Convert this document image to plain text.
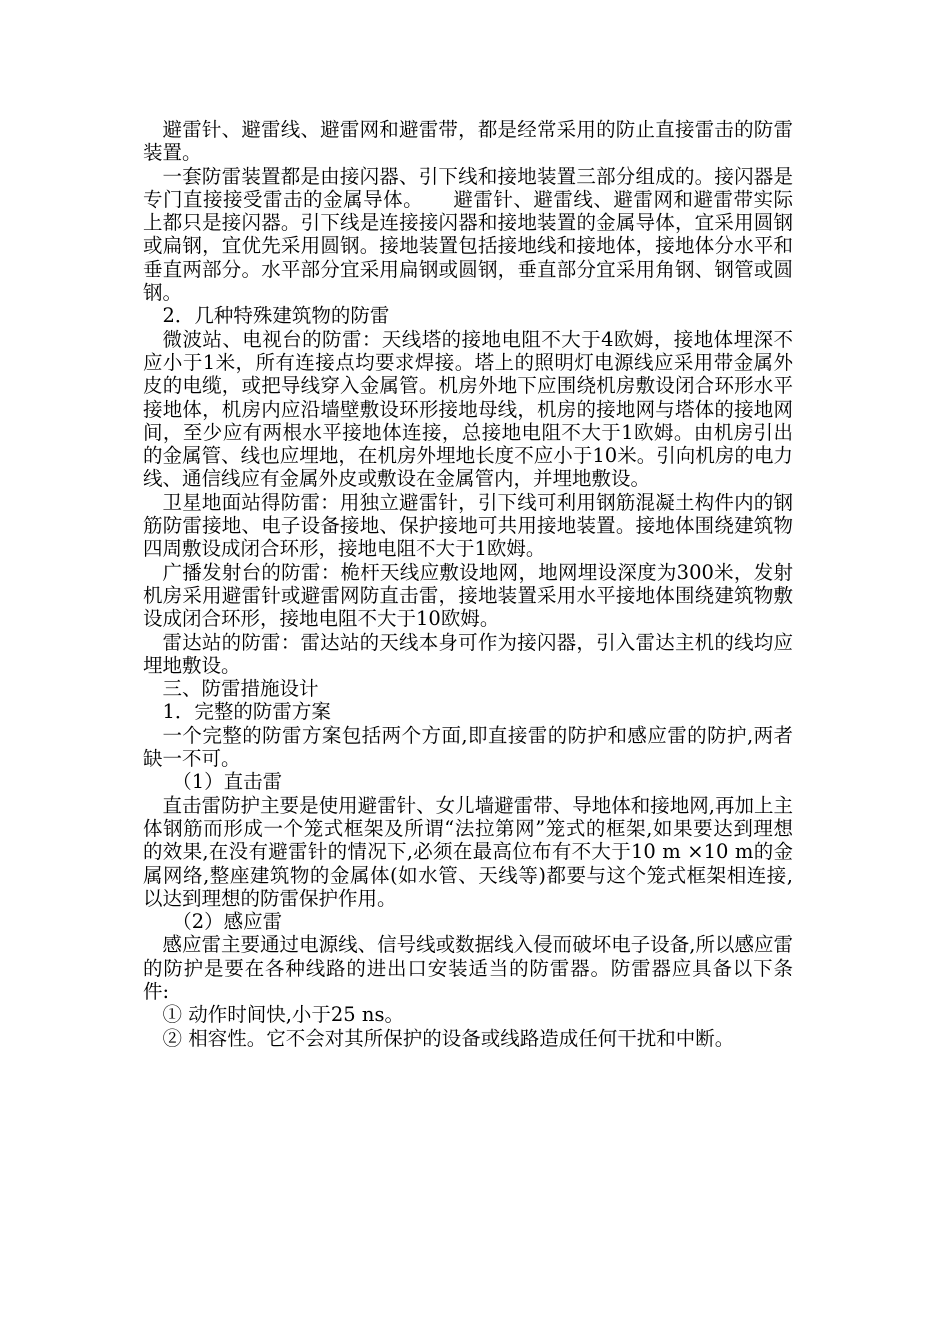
避雷针、避雷线、避雷网和避雷带，都是经常采用的防止直接雷击的防雷装置。

一套防雷装置都是由接闪器、引下线和接地装置三部分组成的。接闪器是专门直接接受雷击的金属导体。　　避雷针、避雷线、避雷网和避雷带实际上都只是接闪器。引下线是连接接闪器和接地装置的金属导体，宜采用圆钢或扁钢，宜优先采用圆钢。接地装置包括接地线和接地体，接地体分水平和垂直两部分。水平部分宜采用扁钢或圆钢，垂直部分宜采用角钢、钢管或圆钢。

2．几种特殊建筑物的防雷

微波站、电视台的防雷：天线塔的接地电阻不大于4欧姆，接地体埋深不应小于1米，所有连接点均要求焊接。塔上的照明灯电源线应采用带金属外皮的电缆，或把导线穿入金属管。机房外地下应围绕机房敷设闭合环形水平接地体，机房内应沿墙壁敷设环形接地母线，机房的接地网与塔体的接地网间，至少应有两根水平接地体连接，总接地电阻不大于1欧姆。由机房引出的金属管、线也应埋地，在机房外埋地长度不应小于10米。引向机房的电力线、通信线应有金属外皮或敷设在金属管内，并埋地敷设。

卫星地面站得防雷：用独立避雷针，引下线可利用钢筋混凝土构件内的钢筋防雷接地、电子设备接地、保护接地可共用接地装置。接地体围绕建筑物四周敷设成闭合环形，接地电阻不大于1欧姆。

广播发射台的防雷：桅杆天线应敷设地网，地网埋设深度为300米，发射机房采用避雷针或避雷网防直击雷，接地装置采用水平接地体围绕建筑物敷设成闭合环形，接地电阻不大于10欧姆。

雷达站的防雷：雷达站的天线本身可作为接闪器，引入雷达主机的线均应埋地敷设。

三、防雷措施设计

1．完整的防雷方案

一个完整的防雷方案包括两个方面,即直接雷的防护和感应雷的防护,两者缺一不可。

（1）直击雷

直击雷防护主要是使用避雷针、女儿墙避雷带、导地体和接地网,再加上主体钢筋而形成一个笼式框架及所谓“法拉第网”笼式的框架,如果要达到理想的效果,在没有避雷针的情况下,必须在最高位布有不大于10 m ×10 m的金属网络,整座建筑物的金属体(如水管、天线等)都要与这个笼式框架相连接,以达到理想的防雷保护作用。

（2）感应雷

感应雷主要通过电源线、信号线或数据线入侵而破坏电子设备,所以感应雷的防护是要在各种线路的进出口安装适当的防雷器。防雷器应具备以下条件:

① 动作时间快,小于25 ns。

② 相容性。它不会对其所保护的设备或线路造成任何干扰和中断。
